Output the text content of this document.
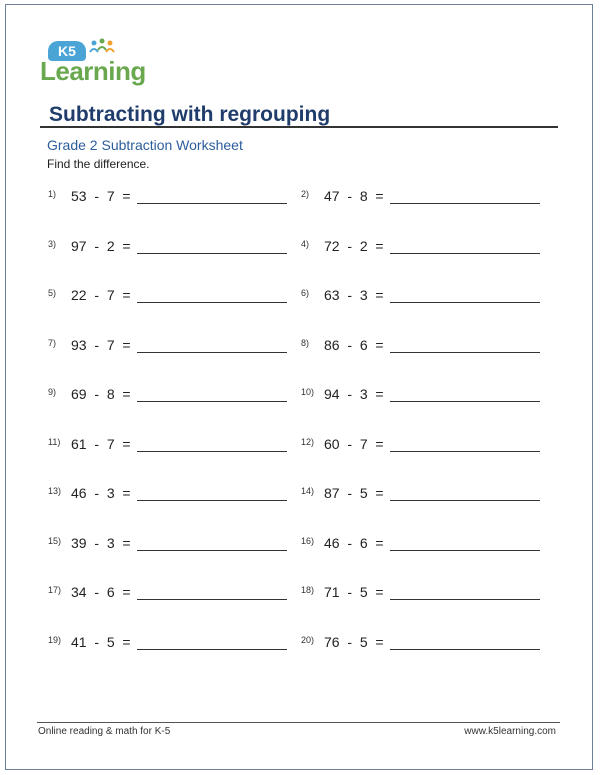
K5
Learning
Subtracting with regrouping
Grade 2 Subtraction Worksheet
Find the difference.
1) 53  -  7  =	2) 47  -  8  =
3) 97  -  2  =	4) 72  -  2  =
5) 22  -  7  =	6) 63  -  3  =
7) 93  -  7  =	8) 86  -  6  =
9) 69  -  8  =	10) 94  -  3  =
11) 61  -  7  =	12) 60  -  7  =
13) 46  -  3  =	14) 87  -  5  =
15) 39  -  3  =	16) 46  -  6  =
17) 34  -  6  =	18) 71  -  5  =
19) 41  -  5  =	20) 76  -  5  =
Online reading & math for K-5	www.k5learning.com
